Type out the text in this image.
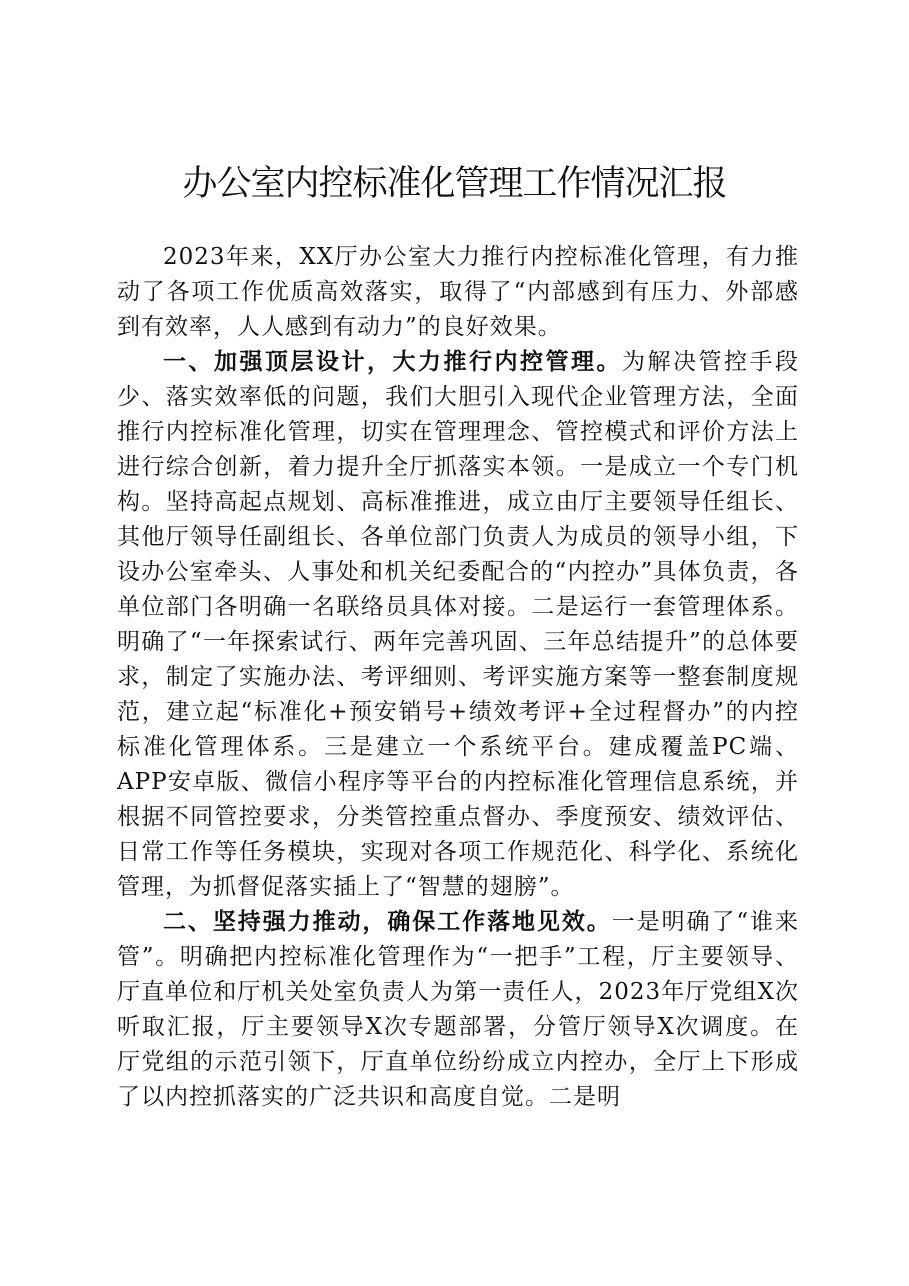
办公室内控标准化管理工作情况汇报

2023年来，XX厅办公室大力推行内控标准化管理，有力推动了各项工作优质高效落实，取得了“内部感到有压力、外部感到有效率，人人感到有动力”的良好效果。

一、加强顶层设计，大力推行内控管理。为解决管控手段少、落实效率低的问题，我们大胆引入现代企业管理方法，全面推行内控标准化管理，切实在管理理念、管控模式和评价方法上进行综合创新，着力提升全厅抓落实本领。一是成立一个专门机构。坚持高起点规划、高标准推进，成立由厅主要领导任组长、其他厅领导任副组长、各单位部门负责人为成员的领导小组，下设办公室牵头、人事处和机关纪委配合的“内控办”具体负责，各单位部门各明确一名联络员具体对接。二是运行一套管理体系。明确了“一年探索试行、两年完善巩固、三年总结提升”的总体要求，制定了实施办法、考评细则、考评实施方案等一整套制度规范，建立起“标准化+预安销号+绩效考评+全过程督办”的内控标准化管理体系。三是建立一个系统平台。建成覆盖PC端、APP安卓版、微信小程序等平台的内控标准化管理信息系统，并根据不同管控要求，分类管控重点督办、季度预安、绩效评估、日常工作等任务模块，实现对各项工作规范化、科学化、系统化管理，为抓督促落实插上了“智慧的翅膀”。

二、坚持强力推动，确保工作落地见效。一是明确了“谁来管”。明确把内控标准化管理作为“一把手”工程，厅主要领导、厅直单位和厅机关处室负责人为第一责任人，2023年厅党组X次听取汇报，厅主要领导X次专题部署，分管厅领导X次调度。在厅党组的示范引领下，厅直单位纷纷成立内控办，全厅上下形成了以内控抓落实的广泛共识和高度自觉。二是明
